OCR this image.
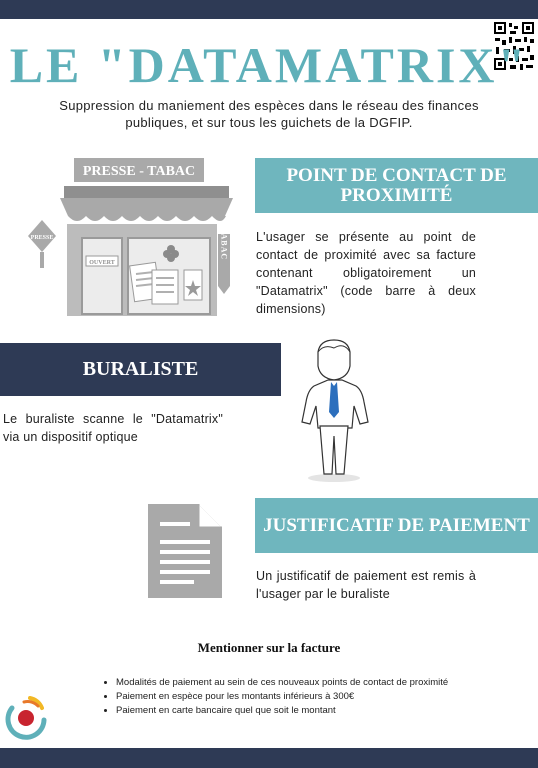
LE "DATAMATRIX"
Suppression du maniement des espèces dans le réseau des finances publiques, et sur tous les guichets de la DGFIP.
PRESSE - TABAC
OUVERT
PRESSE	TABAC
POINT DE CONTACT DE PROXIMITÉ
L'usager se présente au point de contact de proximité avec sa facture contenant obligatoirement un "Datamatrix" (code barre à deux dimensions)
BURALISTE
Le buraliste scanne le "Datamatrix" via un dispositif optique
JUSTIFICATIF DE PAIEMENT
Un justificatif de paiement est remis à l'usager par le buraliste
Mentionner sur la facture
• Modalités de paiement au sein de ces nouveaux points de contact de proximité
• Paiement en espèce pour les montants inférieurs à 300€
• Paiement en carte bancaire quel que soit le montant
